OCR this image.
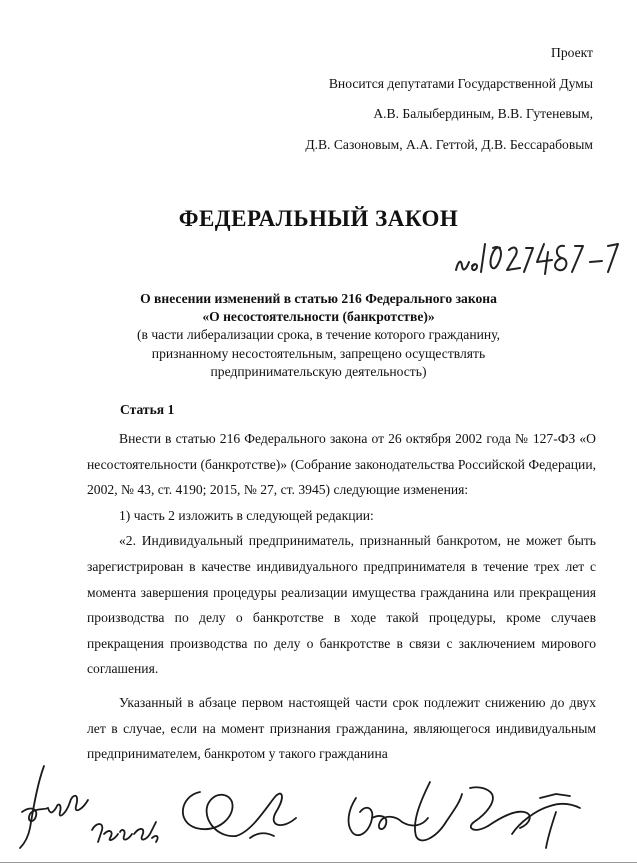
Проект
Вносится депутатами Государственной Думы
А.В. Балыбердиным, В.В. Гутеневым,
Д.В. Сазоновым, А.А. Геттой, Д.В. Бессарабовым
ФЕДЕРАЛЬНЫЙ ЗАКОН
О внесении изменений в статью 216 Федерального закона
«О несостоятельности (банкротстве)»
(в части либерализации срока, в течение которого гражданину,
признанному несостоятельным, запрещено осуществлять
предпринимательскую деятельность)
Статья 1

Внести в статью 216 Федерального закона от 26 октября 2002 года № 127-ФЗ «О несостоятельности (банкротстве)» (Собрание законодательства Российской Федерации, 2002, № 43, ст. 4190; 2015, № 27, ст. 3945) следующие изменения:

1) часть 2 изложить в следующей редакции:

«2. Индивидуальный предприниматель, признанный банкротом, не может быть зарегистрирован в качестве индивидуального предпринимателя в течение трех лет с момента завершения процедуры реализации имущества гражданина или прекращения производства по делу о банкротстве в ходе такой процедуры, кроме случаев прекращения производства по делу о банкротстве в связи с заключением мирового соглашения.

Указанный в абзаце первом настоящей части срок подлежит снижению до двух лет в случае, если на момент признания гражданина, являющегося индивидуальным предпринимателем, банкротом у такого гражданина
